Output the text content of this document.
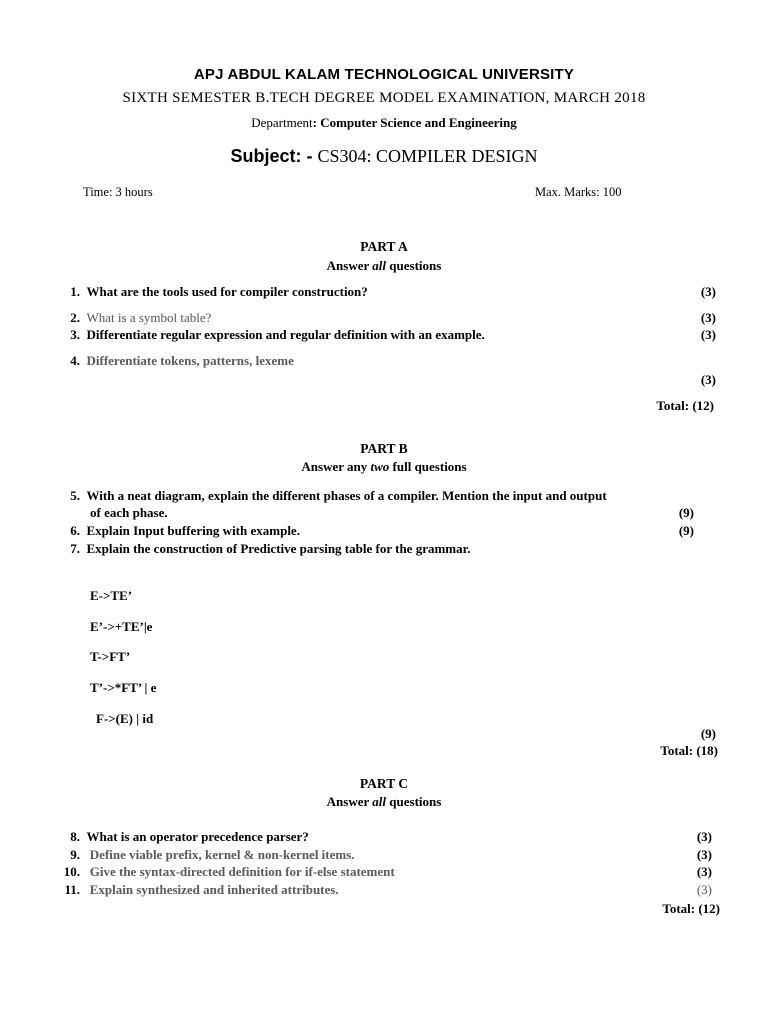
APJ ABDUL KALAM TECHNOLOGICAL UNIVERSITY
SIXTH SEMESTER B.TECH DEGREE MODEL EXAMINATION, MARCH 2018
Department: Computer Science and Engineering
Subject: - CS304: COMPILER DESIGN
Time: 3 hours	Max. Marks: 100
PART A
Answer all questions
1. What are the tools used for compiler construction?	(3)
2. What is a symbol table?	(3)
3. Differentiate regular expression and regular definition with an example.	(3)
4. Differentiate tokens, patterns, lexeme
(3)
Total: (12)
PART B
Answer any two full questions
5. With a neat diagram, explain the different phases of a compiler. Mention the input and output
of each phase.	(9)
6. Explain Input buffering with example.	(9)
7. Explain the construction of Predictive parsing table for the grammar.
E->TE’
E’->+TE’|e
T->FT’
T’->*FT’ | e
F->(E) | id
(9)
Total: (18)
PART C
Answer all questions
8. What is an operator precedence parser?	(3)
9. Define viable prefix, kernel & non-kernel items.	(3)
10. Give the syntax-directed definition for if-else statement	(3)
11. Explain synthesized and inherited attributes.	(3)
Total: (12)
